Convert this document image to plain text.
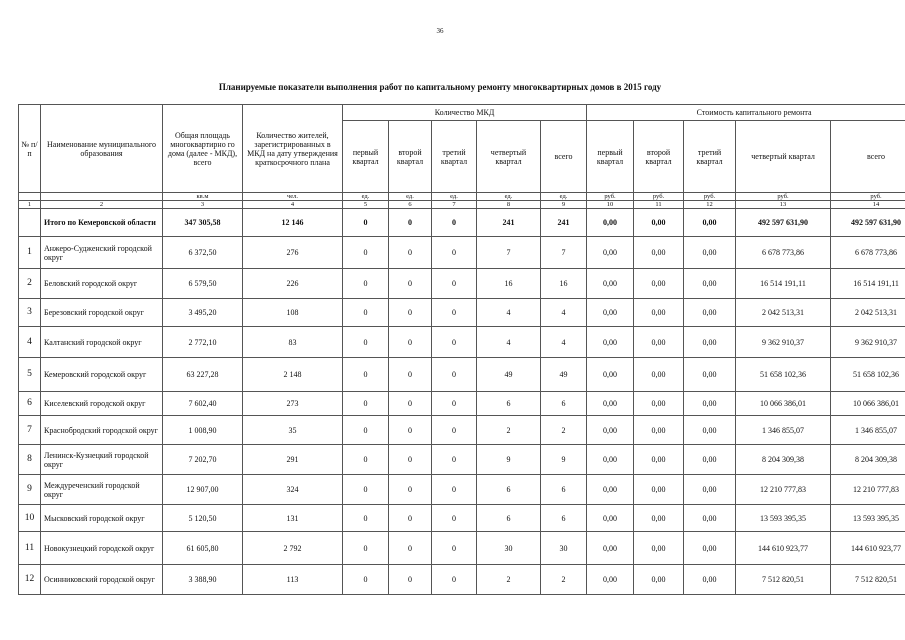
36
Планируемые показатели выполнения работ по капитальному ремонту многоквартирных домов в 2015 году
№ п/п	Наименование муниципального образования	Общая площадь многоквартирно го дома (далее - МКД), всего	Количество жителей, зарегистрированных в МКД на дату утверждения краткосрочного плана	Количество МКД					Стоимость капитального ремонта				
				первый квартал	второй квартал	третий квартал	четвертый квартал	всего	первый квартал	второй квартал	третий квартал	четвертый квартал	всего
		кв.м	чел.	ед.	ед.	ед.	ед.	ед.	руб.	руб.	руб.	руб.	руб.
1	2	3	4	5	6	7	8	9	10	11	12	13	14
	Итого по Кемеровской области	347 305,58	12 146	0	0	0	241	241	0,00	0,00	0,00	492 597 631,90	492 597 631,90
1	Анжеро-Судженский городской округ	6 372,50	276	0	0	0	7	7	0,00	0,00	0,00	6 678 773,86	6 678 773,86
2	Беловский городской округ	6 579,50	226	0	0	0	16	16	0,00	0,00	0,00	16 514 191,11	16 514 191,11
3	Березовский городской округ	3 495,20	108	0	0	0	4	4	0,00	0,00	0,00	2 042 513,31	2 042 513,31
4	Калтанский городской округ	2 772,10	83	0	0	0	4	4	0,00	0,00	0,00	9 362 910,37	9 362 910,37
5	Кемеровский городской округ	63 227,28	2 148	0	0	0	49	49	0,00	0,00	0,00	51 658 102,36	51 658 102,36
6	Киселевский городской округ	7 602,40	273	0	0	0	6	6	0,00	0,00	0,00	10 066 386,01	10 066 386,01
7	Краснобродский городской округ	1 008,90	35	0	0	0	2	2	0,00	0,00	0,00	1 346 855,07	1 346 855,07
8	Ленинск-Кузнецкий городской округ	7 202,70	291	0	0	0	9	9	0,00	0,00	0,00	8 204 309,38	8 204 309,38
9	Междуреченский городской округ	12 907,00	324	0	0	0	6	6	0,00	0,00	0,00	12 210 777,83	12 210 777,83
10	Мысковский городской округ	5 120,50	131	0	0	0	6	6	0,00	0,00	0,00	13 593 395,35	13 593 395,35
11	Новокузнецкий городской округ	61 605,80	2 792	0	0	0	30	30	0,00	0,00	0,00	144 610 923,77	144 610 923,77
12	Осинниковский городской округ	3 388,90	113	0	0	0	2	2	0,00	0,00	0,00	7 512 820,51	7 512 820,51
